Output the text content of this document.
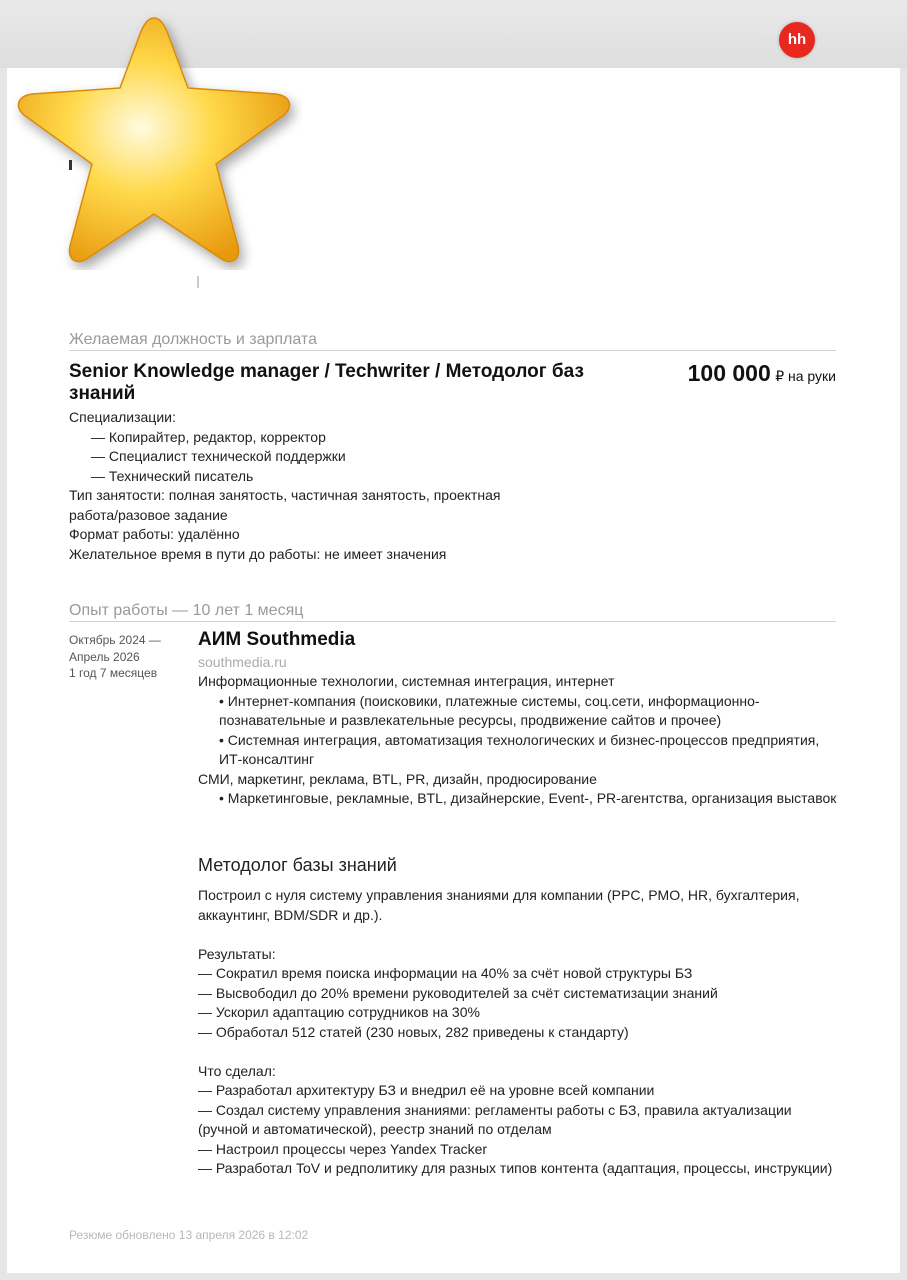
hh
Желаемая должность и зарплата
Senior Knowledge manager / Techwriter / Методолог баз знаний
100 000 ₽ на руки
Специализации:
— Копирайтер, редактор, корректор
— Специалист технической поддержки
— Технический писатель
Тип занятости: полная занятость, частичная занятость, проектная работа/разовое задание
Формат работы: удалённо
Желательное время в пути до работы: не имеет значения
Опыт работы — 10 лет 1 месяц
Октябрь 2024 —
Апрель 2026
1 год 7 месяцев
АИМ Southmedia
southmedia.ru
Информационные технологии, системная интеграция, интернет
• Интернет-компания (поисковики, платежные системы, соц.сети, информационно-познавательные и развлекательные ресурсы, продвижение сайтов и прочее)
• Системная интеграция, автоматизация технологических и бизнес-процессов предприятия, ИТ-консалтинг
СМИ, маркетинг, реклама, BTL, PR, дизайн, продюсирование
• Маркетинговые, рекламные, BTL, дизайнерские, Event-, PR-агентства, организация выставок
Методолог базы знаний

Построил с нуля систему управления знаниями для компании (PPC, PMO, HR, бухгалтерия, аккаунтинг, BDM/SDR и др.).

Результаты:

— Сократил время поиска информации на 40% за счёт новой структуры БЗ

— Высвободил до 20% времени руководителей за счёт систематизации знаний

— Ускорил адаптацию сотрудников на 30%

— Обработал 512 статей (230 новых, 282 приведены к стандарту)

Что сделал:

— Разработал архитектуру БЗ и внедрил её на уровне всей компании

— Создал систему управления знаниями: регламенты работы с БЗ, правила актуализации (ручной и автоматической), реестр знаний по отделам

— Настроил процессы через Yandex Tracker

— Разработал ToV и редполитику для разных типов контента (адаптация, процессы, инструкции)

Резюме обновлено 13 апреля 2026 в 12:02
